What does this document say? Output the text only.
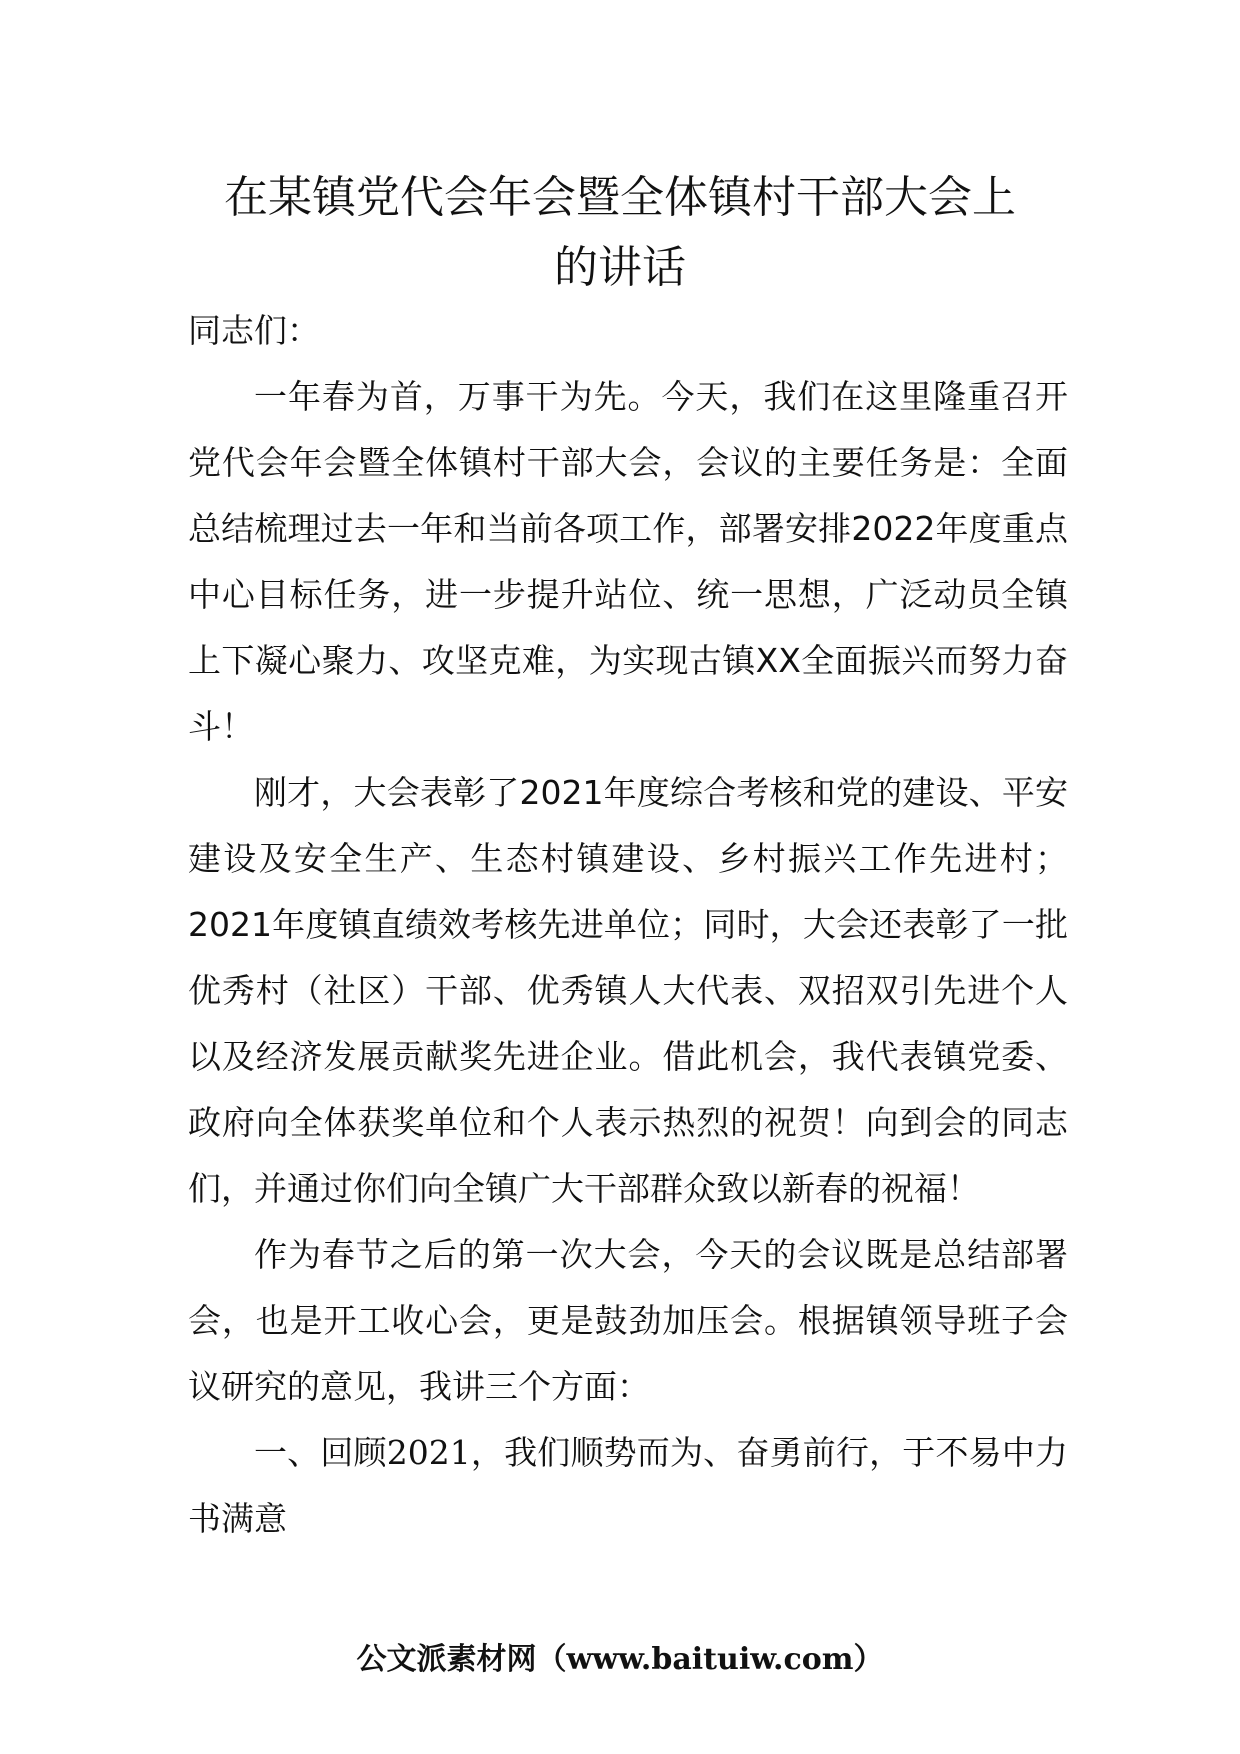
在某镇党代会年会暨全体镇村干部大会上
的讲话

同志们：

一年春为首，万事干为先。今天，我们在这里隆重召开党代会年会暨全体镇村干部大会，会议的主要任务是：全面总结梳理过去一年和当前各项工作，部署安排2022年度重点中心目标任务，进一步提升站位、统一思想，广泛动员全镇上下凝心聚力、攻坚克难，为实现古镇XX全面振兴而努力奋斗！

刚才，大会表彰了2021年度综合考核和党的建设、平安建设及安全生产、生态村镇建设、乡村振兴工作先进村；2021年度镇直绩效考核先进单位；同时，大会还表彰了一批优秀村（社区）干部、优秀镇人大代表、双招双引先进个人以及经济发展贡献奖先进企业。借此机会，我代表镇党委、政府向全体获奖单位和个人表示热烈的祝贺！向到会的同志们，并通过你们向全镇广大干部群众致以新春的祝福！

作为春节之后的第一次大会，今天的会议既是总结部署会，也是开工收心会，更是鼓劲加压会。根据镇领导班子会议研究的意见，我讲三个方面：

一、回顾2021，我们顺势而为、奋勇前行，于不易中力书满意

公文派素材网（www.baituiw.com）
